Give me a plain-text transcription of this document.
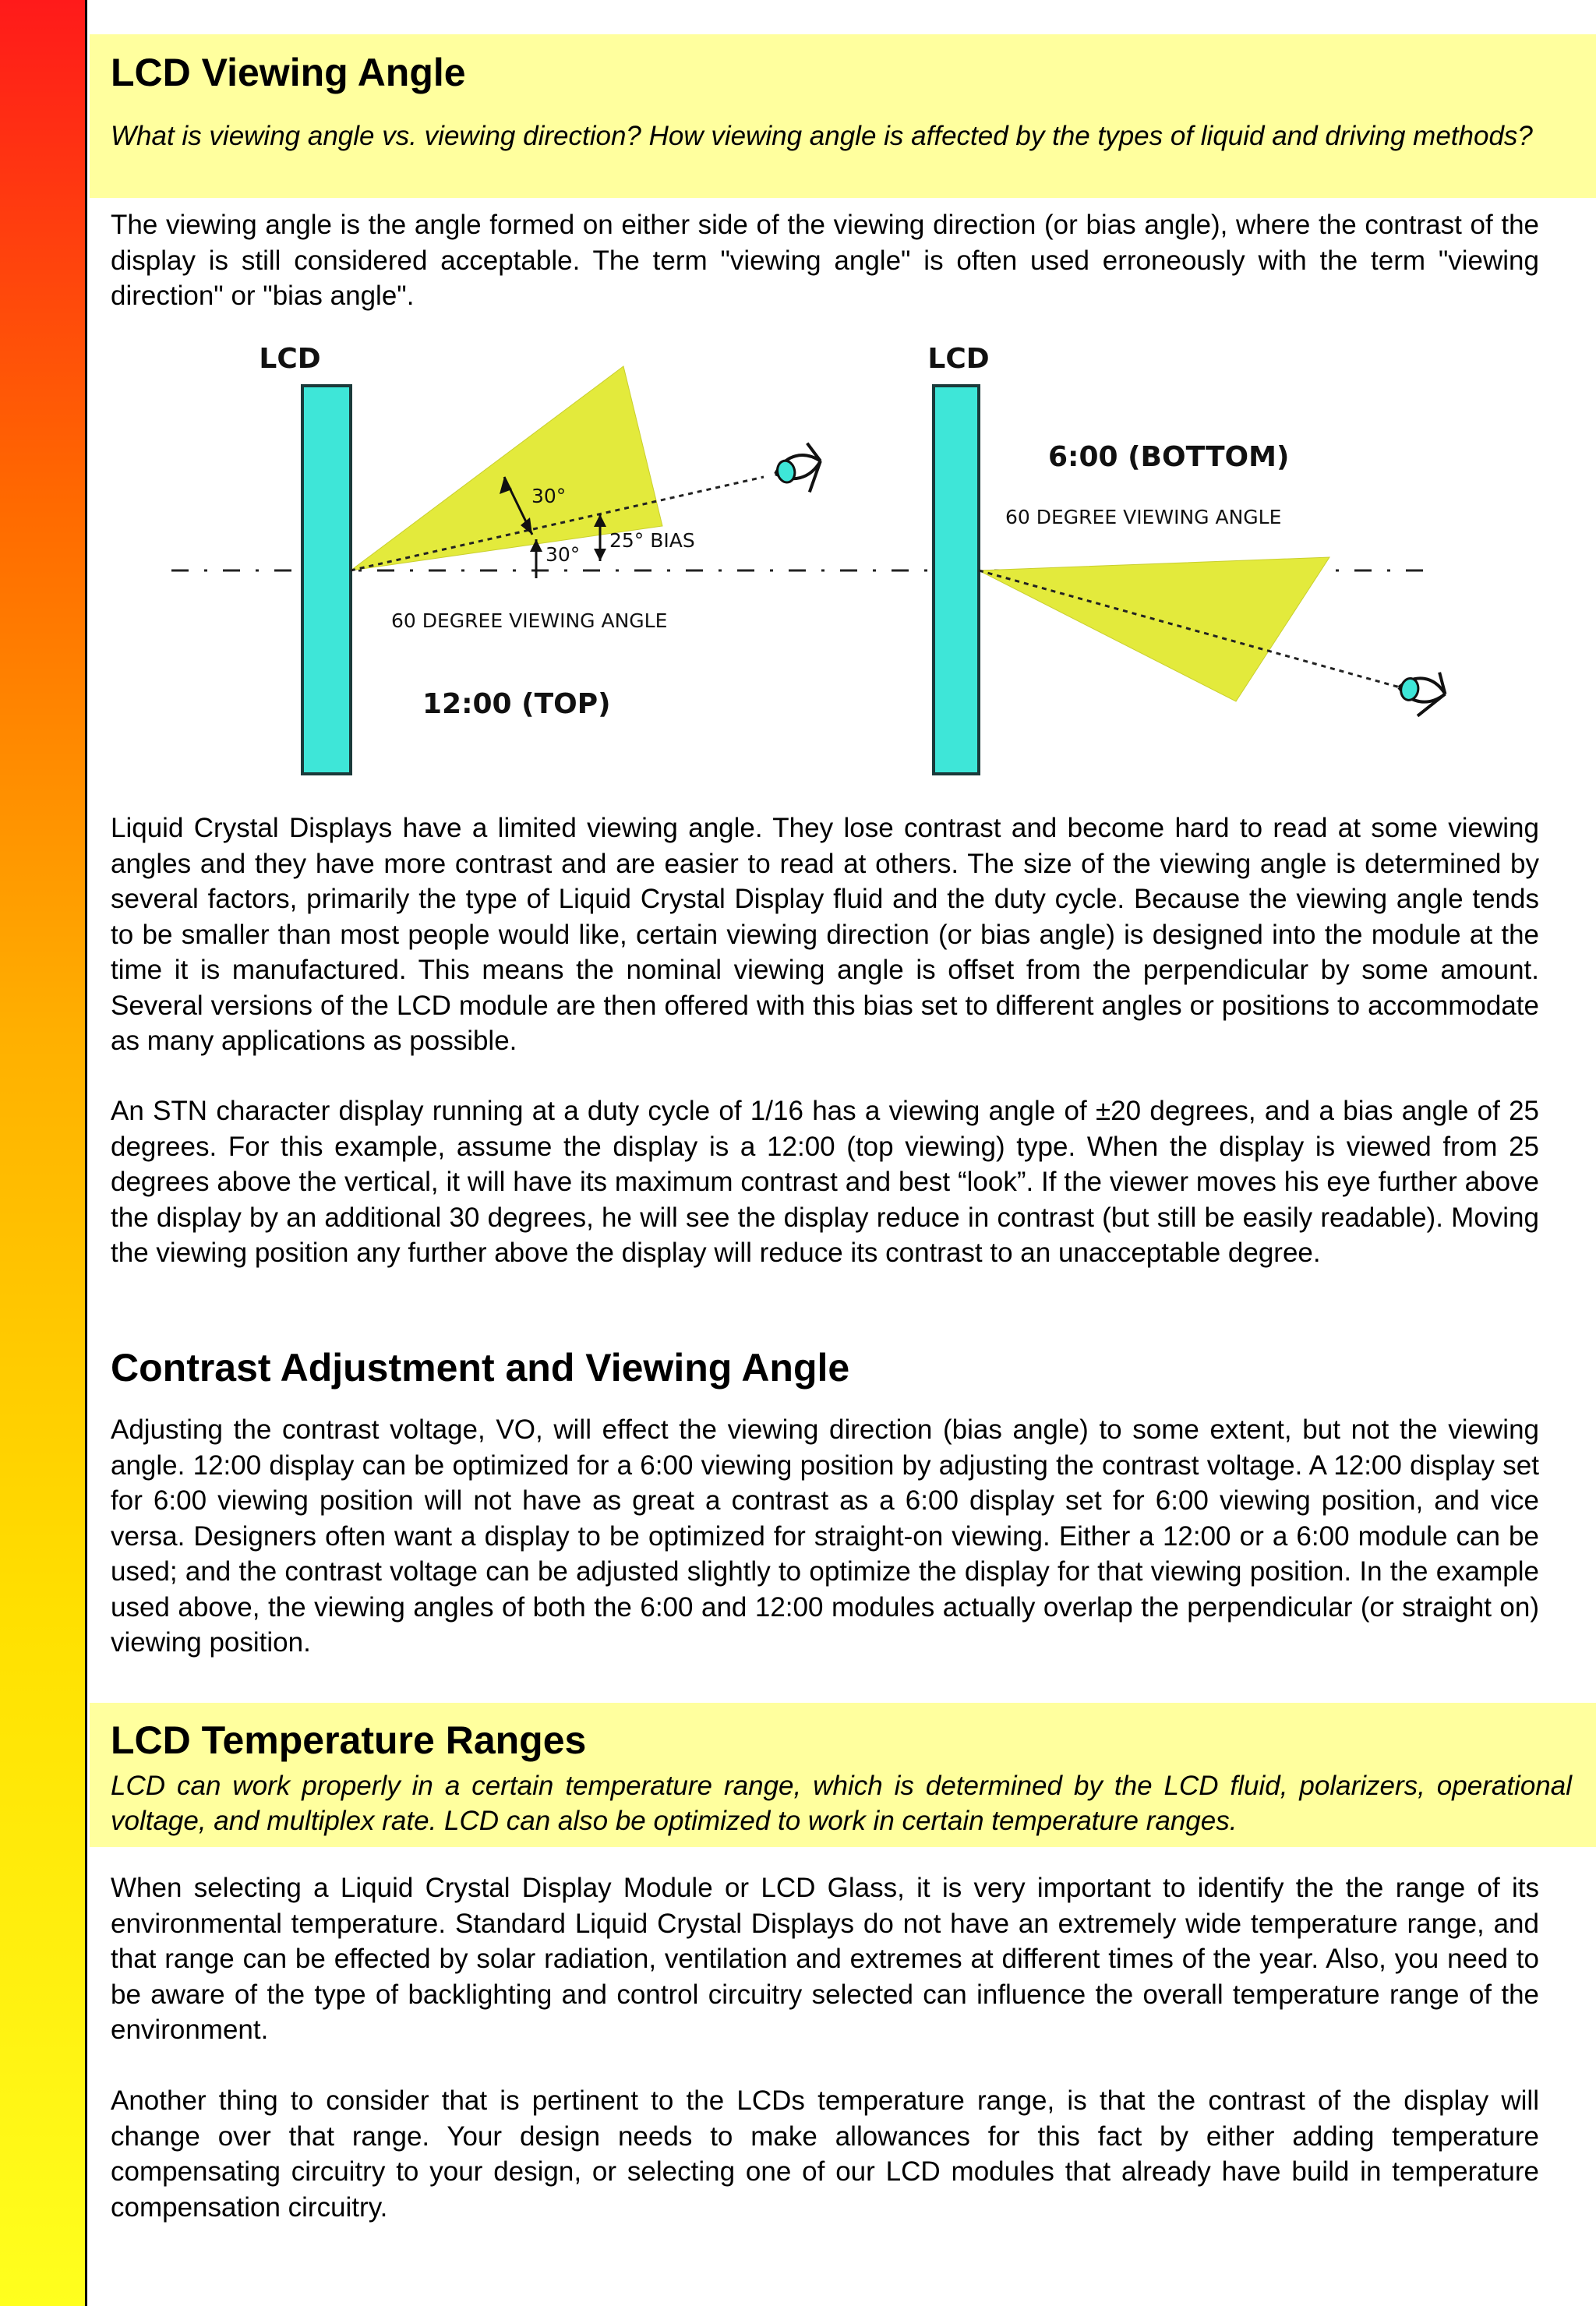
LCD Viewing Angle

What is viewing angle vs. viewing direction? How viewing angle is affected by the types of liquid and driving methods?

The viewing angle is the angle formed on either side of the viewing direction (or bias angle), where the contrast of the display is still considered acceptable. The term "viewing angle" is often used erroneously with the term "viewing direction" or "bias angle".

LCD
30°
30°
25° BIAS
60 DEGREE VIEWING ANGLE
12:00 (TOP)
LCD
6:00 (BOTTOM)
60 DEGREE VIEWING ANGLE

Liquid Crystal Displays have a limited viewing angle. They lose contrast and become hard to read at some viewing angles and they have more contrast and are easier to read at others. The size of the viewing angle is determined by several factors, primarily the type of Liquid Crystal Display fluid and the duty cycle. Because the viewing angle tends to be smaller than most people would like, certain viewing direction (or bias angle) is designed into the module at the time it is manufactured. This means the nominal viewing angle is offset from the perpendicular by some amount. Several versions of the LCD module are then offered with this bias set to different angles or positions to accommodate as many applications as possible.

An STN character display running at a duty cycle of 1/16 has a viewing angle of ±20 degrees, and a bias angle of 25 degrees. For this example, assume the display is a 12:00 (top viewing) type. When the display is viewed from 25 degrees above the vertical, it will have its maximum contrast and best “look”. If the viewer moves his eye further above the display by an additional 30 degrees, he will see the display reduce in contrast (but still be easily readable). Moving the viewing position any further above the display will reduce its contrast to an unacceptable degree.

Contrast Adjustment and Viewing Angle

Adjusting the contrast voltage, VO, will effect the viewing direction (bias angle) to some extent, but not the viewing angle. 12:00 display can be optimized for a 6:00 viewing position by adjusting the contrast voltage. A 12:00 display set for 6:00 viewing position will not have as great a contrast as a 6:00 display set for 6:00 viewing position, and vice versa. Designers often want a display to be optimized for straight-on viewing. Either a 12:00 or a 6:00 module can be used; and the contrast voltage can be adjusted slightly to optimize the display for that viewing position. In the example used above, the viewing angles of both the 6:00 and 12:00 modules actually overlap the perpendicular (or straight on) viewing position.

LCD Temperature Ranges

LCD can work properly in a certain temperature range, which is determined by the LCD fluid, polarizers, operational voltage, and multiplex rate. LCD can also be optimized to work in certain temperature ranges.

When selecting a Liquid Crystal Display Module or LCD Glass, it is very important to identify the the range of its environmental temperature. Standard Liquid Crystal Displays do not have an extremely wide temperature range, and that range can be effected by solar radiation, ventilation and extremes at different times of the year. Also, you need to be aware of the type of backlighting and control circuitry selected can influence the overall temperature range of the environment.

Another thing to consider that is pertinent to the LCDs temperature range, is that the contrast of the display will change over that range. Your design needs to make allowances for this fact by either adding temperature compensating circuitry to your design, or selecting one of our LCD modules that already have build in temperature compensation circuitry.
